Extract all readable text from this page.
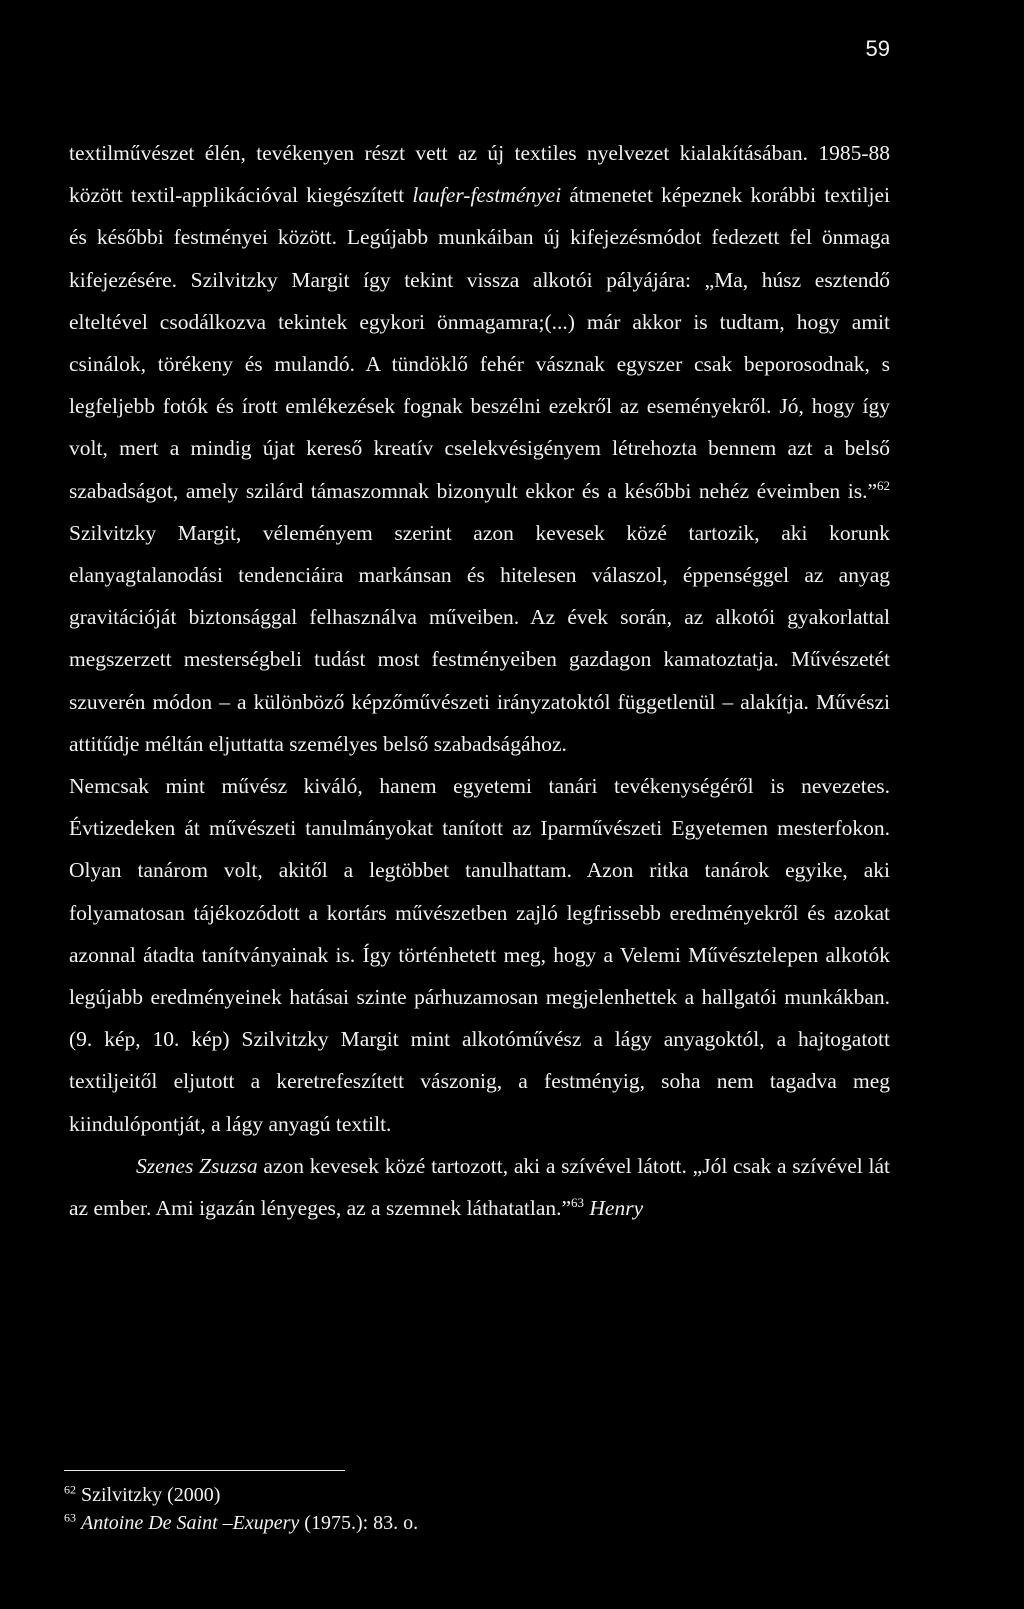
59

textilművészet élén, tevékenyen részt vett az új textiles nyelvezet kialakításában. 1985-88 között textil-applikációval kiegészített laufer-festményei átmenetet képeznek korábbi textiljei és későbbi festményei között. Legújabb munkáiban új kifejezésmódot fedezett fel önmaga kifejezésére. Szilvitzky Margit így tekint vissza alkotói pályájára: „Ma, húsz esztendő elteltével csodálkozva tekintek egykori önmagamra;(...) már akkor is tudtam, hogy amit csinálok, törékeny és mulandó. A tündöklő fehér vásznak egyszer csak beporosodnak, s legfeljebb fotók és írott emlékezések fognak beszélni ezekről az eseményekről. Jó, hogy így volt, mert a mindig újat kereső kreatív cselekvésigényem létrehozta bennem azt a belső szabadságot, amely szilárd támaszomnak bizonyult ekkor és a későbbi nehéz éveimben is.”$^{62}$ Szilvitzky Margit, véleményem szerint azon kevesek közé tartozik, aki korunk elanyagtalanodási tendenciáira markánsan és hitelesen válaszol, éppenséggel az anyag gravitációját biztonsággal felhasználva műveiben. Az évek során, az alkotói gyakorlattal megszerzett mesterségbeli tudást most festményeiben gazdagon kamatoztatja. Művészetét szuverén módon – a különböző képzőművészeti irányzatoktól függetlenül – alakítja. Művészi attitűdje méltán eljuttatta személyes belső szabadságához.

Nemcsak mint művész kiváló, hanem egyetemi tanári tevékenységéről is nevezetes. Évtizedeken át művészeti tanulmányokat tanított az Iparművészeti Egyetemen mesterfokon. Olyan tanárom volt, akitől a legtöbbet tanulhattam. Azon ritka tanárok egyike, aki folyamatosan tájékozódott a kortárs művészetben zajló legfrissebb eredményekről és azokat azonnal átadta tanítványainak is. Így történhetett meg, hogy a Velemi Művésztelepen alkotók legújabb eredményeinek hatásai szinte párhuzamosan megjelenhettek a hallgatói munkákban. (9. kép, 10. kép) Szilvitzky Margit mint alkotóművész a lágy anyagoktól, a hajtogatott textiljeitől eljutott a keretrefeszített vászonig, a festményig, soha nem tagadva meg kiindulópontját, a lágy anyagú textilt.

Szenes Zsuzsa azon kevesek közé tartozott, aki a szívével látott. „Jól csak a szívével lát az ember. Ami igazán lényeges, az a szemnek láthatatlan.”$^{63}$ Henry

$^{62}$ Szilvitzky (2000)
$^{63}$ Antoine De Saint –Exupery (1975.): 83. o.
